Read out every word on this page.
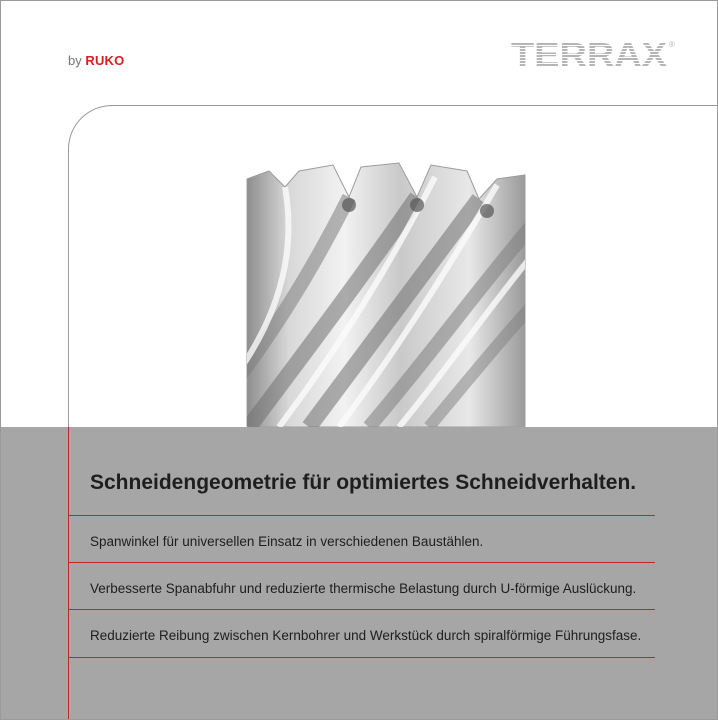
by RUKO	TERRAX ®
Schneidengeometrie für optimiertes Schneidverhalten.
Spanwinkel für universellen Einsatz in verschiedenen Baustählen.
Verbesserte Spanabfuhr und reduzierte thermische Belastung durch U-förmige Auslückung.
Reduzierte Reibung zwischen Kernbohrer und Werkstück durch spiralförmige Führungsfase.
